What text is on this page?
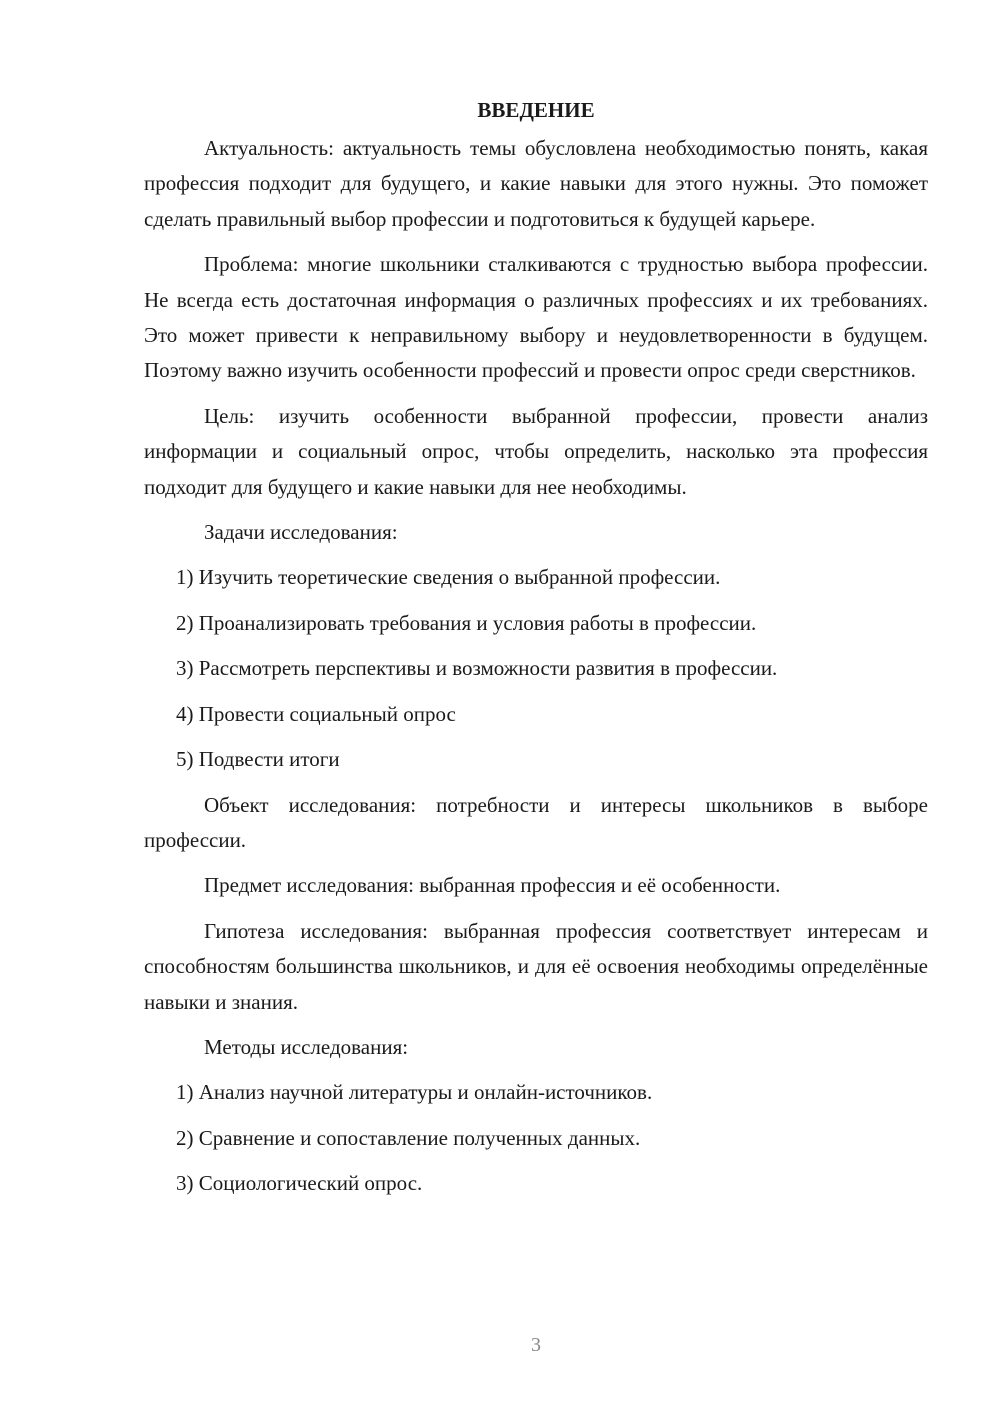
ВВЕДЕНИЕ

Актуальность: актуальность темы обусловлена необходимостью понять, какая профессия подходит для будущего, и какие навыки для этого нужны. Это поможет сделать правильный выбор профессии и подготовиться к будущей карьере.

Проблема: многие школьники сталкиваются с трудностью выбора профессии. Не всегда есть достаточная информация о различных профессиях и их требованиях. Это может привести к неправильному выбору и неудовлетворенности в будущем. Поэтому важно изучить особенности профессий и провести опрос среди сверстников.

Цель: изучить особенности выбранной профессии, провести анализ информации и социальный опрос, чтобы определить, насколько эта профессия подходит для будущего и какие навыки для нее необходимы.

Задачи исследования:

1) Изучить теоретические сведения о выбранной профессии.
2) Проанализировать требования и условия работы в профессии.
3) Рассмотреть перспективы и возможности развития в профессии.
4) Провести социальный опрос
5) Подвести итоги

Объект исследования: потребности и интересы школьников в выборе профессии.

Предмет исследования: выбранная профессия и её особенности.

Гипотеза исследования: выбранная профессия соответствует интересам и способностям большинства школьников, и для её освоения необходимы определённые навыки и знания.

Методы исследования:

1) Анализ научной литературы и онлайн-источников.
2) Сравнение и сопоставление полученных данных.
3) Социологический опрос.
3
